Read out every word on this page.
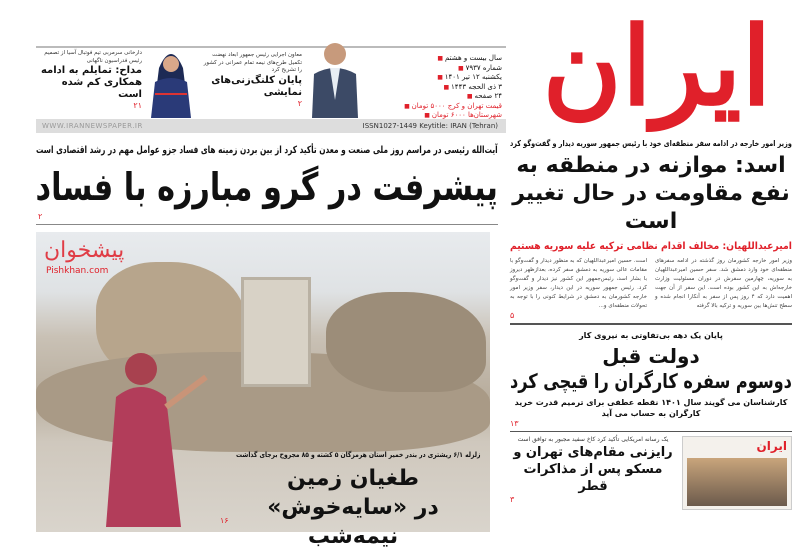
ایران
سال بیست و هشتم ■
شماره ۷۹۳۷ ■
یکشنبه ۱۲ تیر ۱۴۰۱ ■
۳ ذی الحجه ۱۴۴۳ ■
۲۴ صفحه ■
قیمت تهران و کرج ۵۰۰۰ تومان ■
شهرستان‌ها ۶۰۰۰ تومان ■
معاون اجرایی رئیس جمهور ابعاد نهضت تکمیل طرح‌های نیمه تمام عمرانی در کشور را تشریح کرد
پایان کلنگ‌زنی‌های نمایشی
۲
دارخانی سرمربی تیم فوتبال آسیا از تصمیم رئیس فدراسیون ناگهانی
مداح: تمایلم به ادامه همکاری کم شده است
۲۱
WWW.IRANNEWSPAPER.IR	ISSN1027-1449 Keytitle: IRAN (Tehran)
آیت‌الله رئیسی در مراسم روز ملی صنعت و معدن تأکید کرد از بین بردن زمینه های فساد جزو عوامل مهم در رشد اقتصادی است
پیشرفت در گرو مبارزه با فساد
۲
زلزله ۶/۱ ریشتری در بندر خمیر استان هرمزگان ۵ کشته و ۸۵ مجروح برجای گذاشت
طغیان زمین
در «سایه‌خوش» نیمه‌شب
۱۶
پیشخوان
Pishkhan.com
وزیر امور خارجه در ادامه سفر منطقه‌ای خود با رئیس جمهور سوریه دیدار و گفت‌وگو کرد
اسد: موازنه در منطقه به نفع مقاومت در حال تغییر است
امیرعبداللهیان: مخالف اقدام نظامی ترکیه علیه سوریه هستیم

وزیر امور خارجه کشورمان روز گذشته در ادامه سفرهای منطقه‌ای خود وارد دمشق شد. سفر حسین امیرعبداللهیان به سوریه، چهارمین سفرش در دوران مسئولیت وزارت خارجه‌اش به این کشور بوده است. این سفر از آن جهت اهمیت دارد که ۴ روز پس از سفر به آنکارا انجام شده و سطح تنش‌ها بین سوریه و ترکیه بالا گرفته

است. حسین امیرعبداللهیان که به منظور دیدار و گفت‌وگو با مقامات عالی سوریه به دمشق سفر کرده، بعدازظهر دیروز با بشار اسد، رئیس‌جمهور این کشور نیز دیدار و گفت‌وگو کرد. رئیس جمهور سوریه در این دیدار، سفر وزیر امور خارجه کشورمان به دمشق در شرایط کنونی را با توجه به تحولات منطقه‌ای و...

۵
پایان یک دهه بی‌تفاوتی به نیروی کار
دولت قبل
دوسوم سفره کارگران را قیچی کرد
کارشناسان می گویند سال ۱۴۰۱ نقطه عطفی برای ترمیم قدرت خرید کارگران به حساب می آید
۱۳
یک رسانه امریکایی تأکید کرد کاخ سفید مجبور به توافق است
رایزنی مقام‌های تهران و مسکو پس از مذاکرات قطر
۳
ایران
